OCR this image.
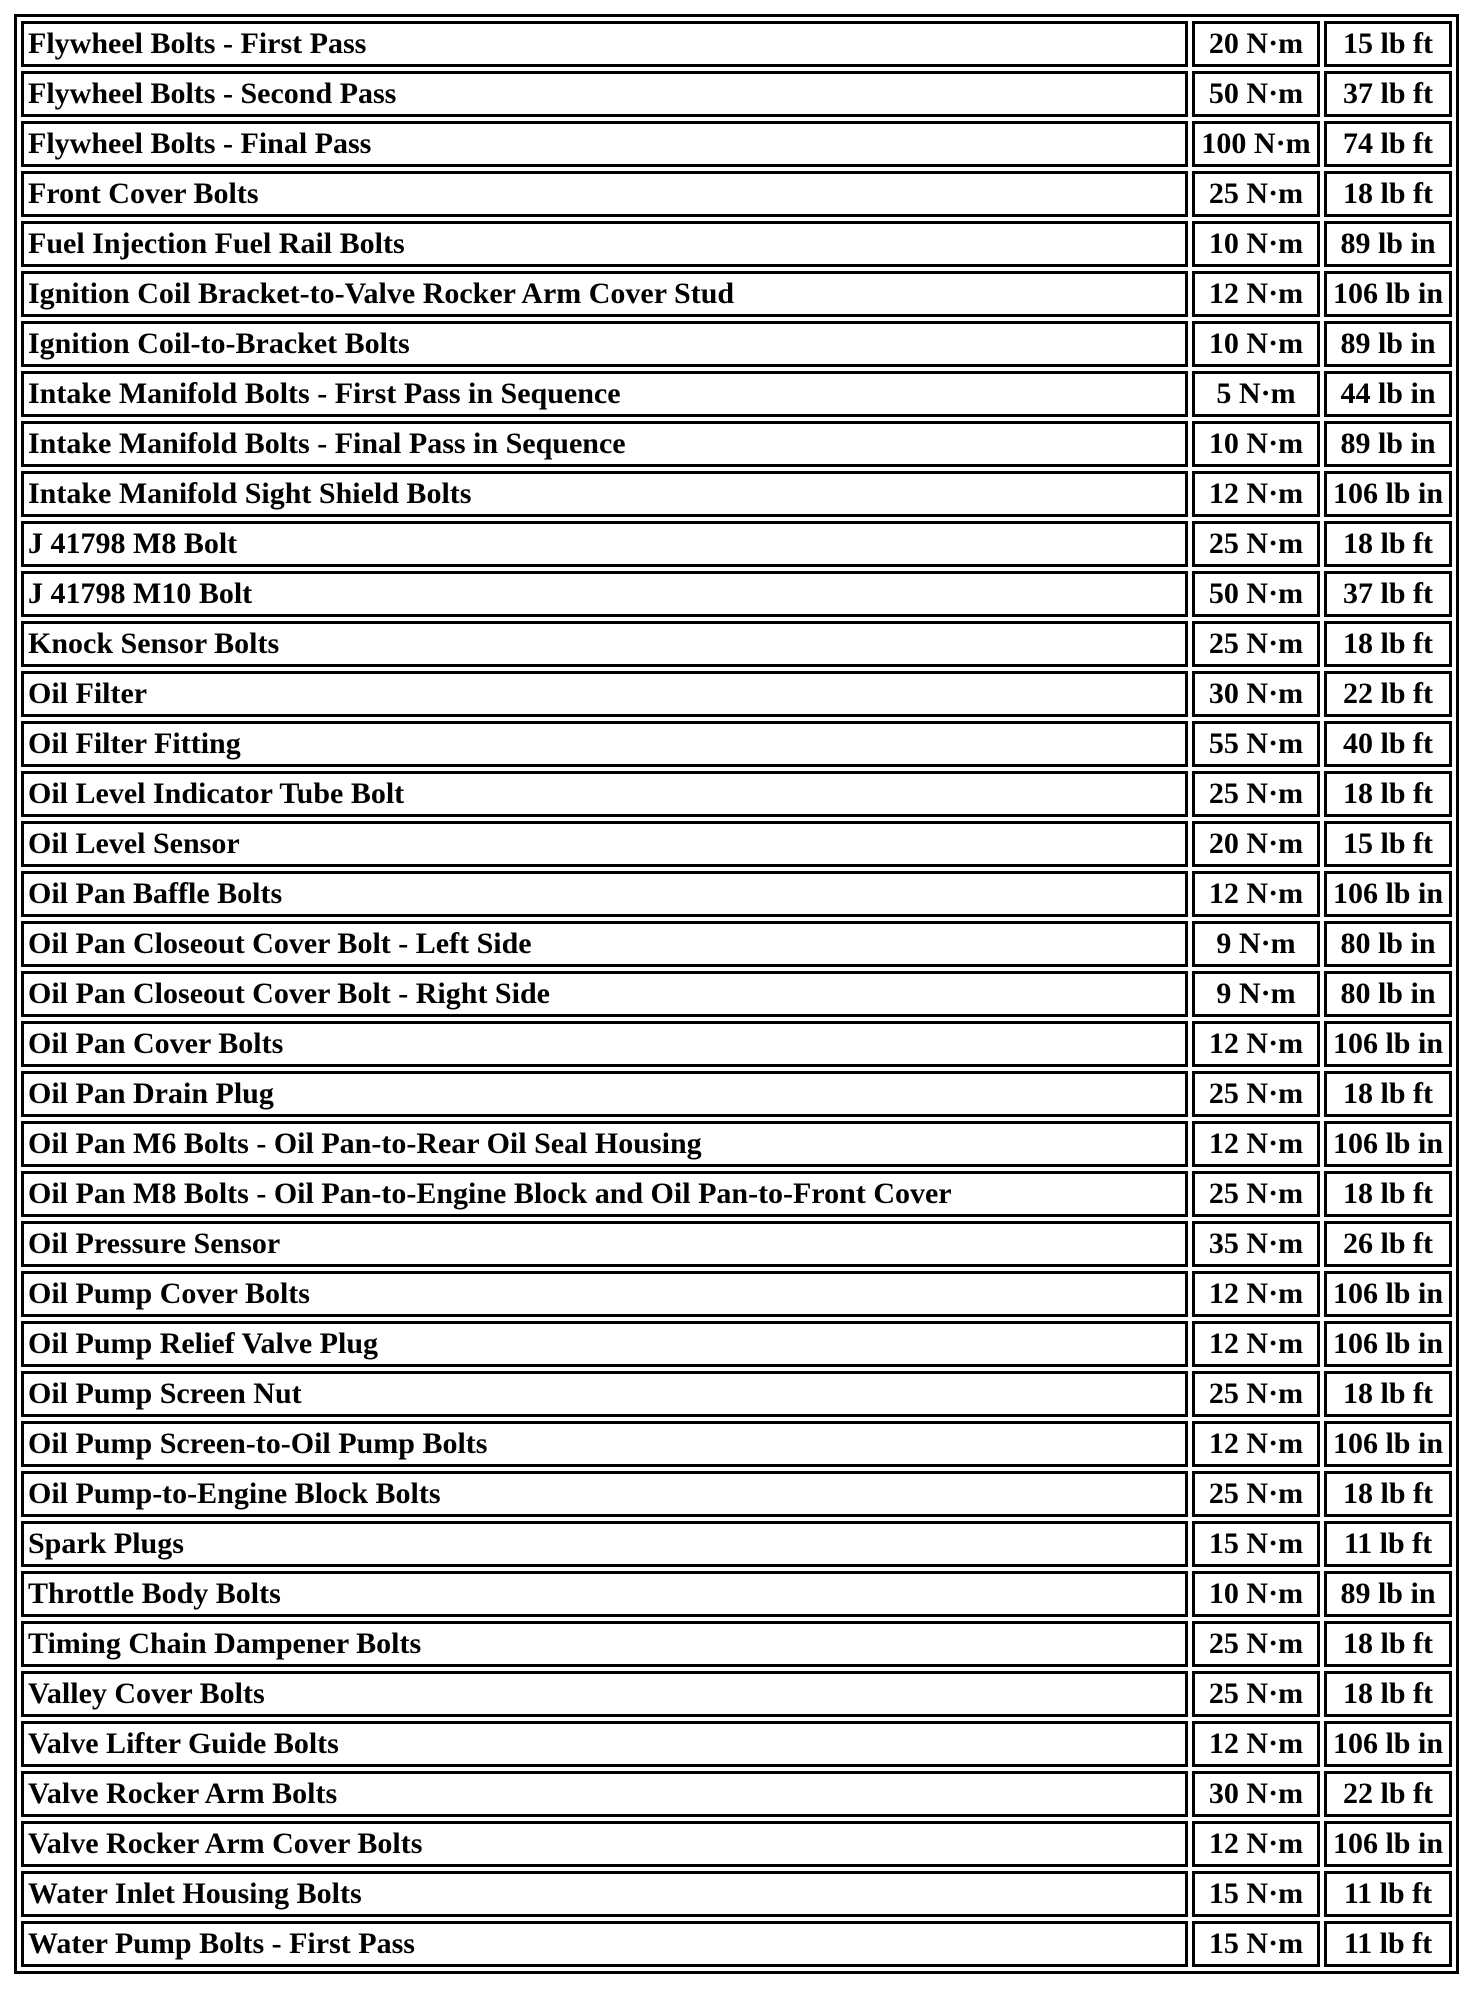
Flywheel Bolts - First Pass	20 N·m	15 lb ft
Flywheel Bolts - Second Pass	50 N·m	37 lb ft
Flywheel Bolts - Final Pass	100 N·m	74 lb ft
Front Cover Bolts	25 N·m	18 lb ft
Fuel Injection Fuel Rail Bolts	10 N·m	89 lb in
Ignition Coil Bracket-to-Valve Rocker Arm Cover Stud	12 N·m	106 lb in
Ignition Coil-to-Bracket Bolts	10 N·m	89 lb in
Intake Manifold Bolts - First Pass in Sequence	5 N·m	44 lb in
Intake Manifold Bolts - Final Pass in Sequence	10 N·m	89 lb in
Intake Manifold Sight Shield Bolts	12 N·m	106 lb in
J 41798 M8 Bolt	25 N·m	18 lb ft
J 41798 M10 Bolt	50 N·m	37 lb ft
Knock Sensor Bolts	25 N·m	18 lb ft
Oil Filter	30 N·m	22 lb ft
Oil Filter Fitting	55 N·m	40 lb ft
Oil Level Indicator Tube Bolt	25 N·m	18 lb ft
Oil Level Sensor	20 N·m	15 lb ft
Oil Pan Baffle Bolts	12 N·m	106 lb in
Oil Pan Closeout Cover Bolt - Left Side	9 N·m	80 lb in
Oil Pan Closeout Cover Bolt - Right Side	9 N·m	80 lb in
Oil Pan Cover Bolts	12 N·m	106 lb in
Oil Pan Drain Plug	25 N·m	18 lb ft
Oil Pan M6 Bolts - Oil Pan-to-Rear Oil Seal Housing	12 N·m	106 lb in
Oil Pan M8 Bolts - Oil Pan-to-Engine Block and Oil Pan-to-Front Cover	25 N·m	18 lb ft
Oil Pressure Sensor	35 N·m	26 lb ft
Oil Pump Cover Bolts	12 N·m	106 lb in
Oil Pump Relief Valve Plug	12 N·m	106 lb in
Oil Pump Screen Nut	25 N·m	18 lb ft
Oil Pump Screen-to-Oil Pump Bolts	12 N·m	106 lb in
Oil Pump-to-Engine Block Bolts	25 N·m	18 lb ft
Spark Plugs	15 N·m	11 lb ft
Throttle Body Bolts	10 N·m	89 lb in
Timing Chain Dampener Bolts	25 N·m	18 lb ft
Valley Cover Bolts	25 N·m	18 lb ft
Valve Lifter Guide Bolts	12 N·m	106 lb in
Valve Rocker Arm Bolts	30 N·m	22 lb ft
Valve Rocker Arm Cover Bolts	12 N·m	106 lb in
Water Inlet Housing Bolts	15 N·m	11 lb ft
Water Pump Bolts - First Pass	15 N·m	11 lb ft
